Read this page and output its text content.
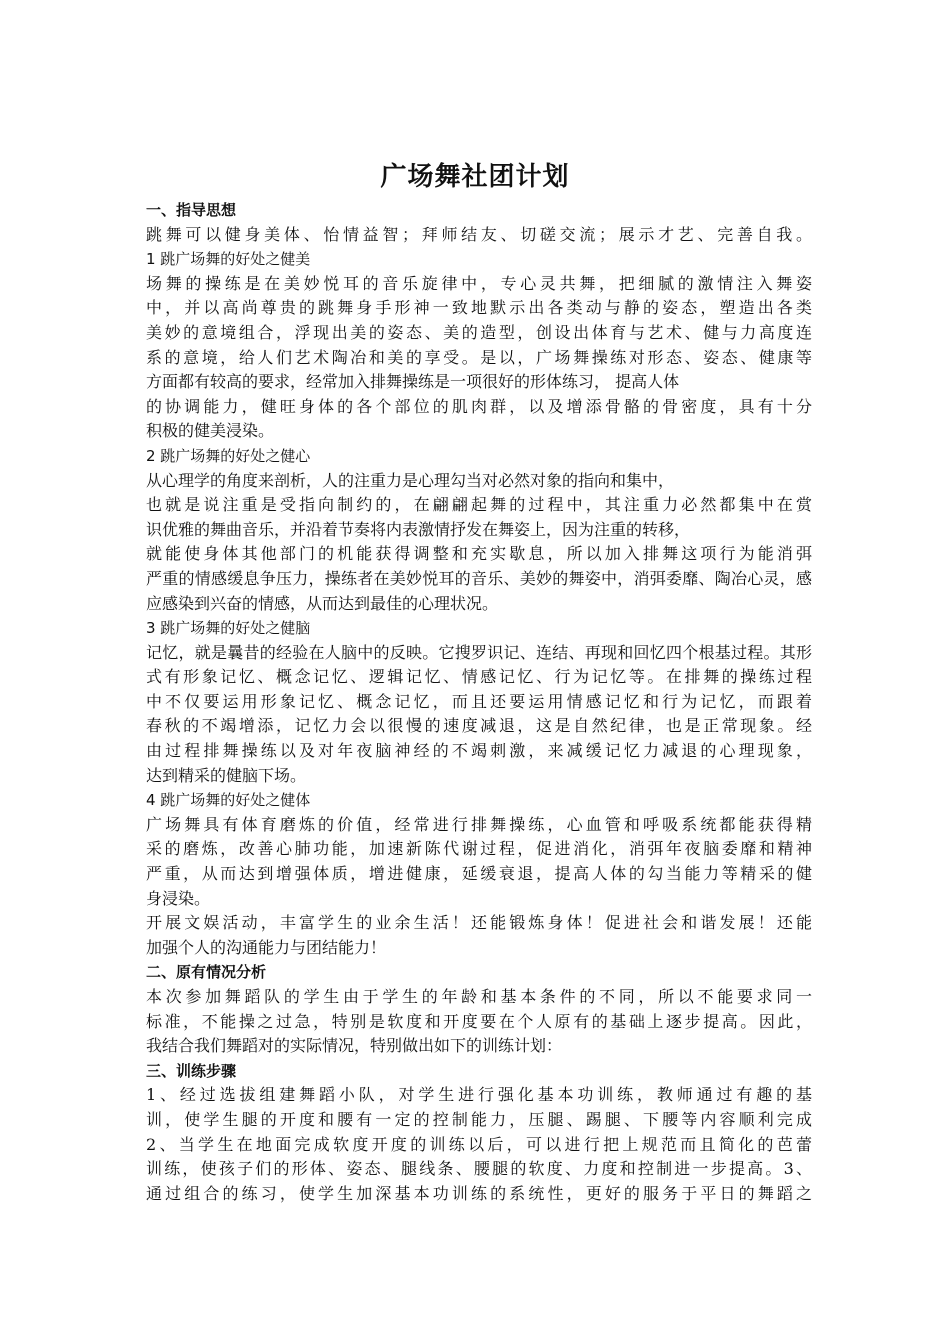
广场舞社团计划
一、指导思想
跳舞可以健身美体、怡情益智；拜师结友、切磋交流；展示才艺、完善自我。
1 跳广场舞的好处之健美
场舞的操练是在美妙悦耳的音乐旋律中，专心灵共舞，把细腻的激情注入舞姿
中，并以高尚尊贵的跳舞身手形神一致地默示出各类动与静的姿态，塑造出各类
美妙的意境组合，浮现出美的姿态、美的造型，创设出体育与艺术、健与力高度连
系的意境，给人们艺术陶冶和美的享受。是以，广场舞操练对形态、姿态、健康等
方面都有较高的要求，经常加入排舞操练是一项很好的形体练习， 提高人体
的协调能力，健旺身体的各个部位的肌肉群，以及增添骨骼的骨密度，具有十分
积极的健美浸染。
2 跳广场舞的好处之健心
从心理学的角度来剖析，人的注重力是心理勾当对必然对象的指向和集中，
也就是说注重是受指向制约的，在翩翩起舞的过程中，其注重力必然都集中在赏
识优雅的舞曲音乐，并沿着节奏将内表激情抒发在舞姿上，因为注重的转移，
就能使身体其他部门的机能获得调整和充实歇息，所以加入排舞这项行为能消弭
严重的情感缓息争压力，操练者在美妙悦耳的音乐、美妙的舞姿中，消弭委靡、陶冶心灵，感
应感染到兴奋的情感，从而达到最佳的心理状况。
3 跳广场舞的好处之健脑
记忆，就是曩昔的经验在人脑中的反映。它搜罗识记、连结、再现和回忆四个根基过程。其形
式有形象记忆、概念记忆、逻辑记忆、情感记忆、行为记忆等。在排舞的操练过程
中不仅要运用形象记忆、概念记忆，而且还要运用情感记忆和行为记忆，而跟着
春秋的不竭增添，记忆力会以很慢的速度减退，这是自然纪律，也是正常现象。经
由过程排舞操练以及对年夜脑神经的不竭刺激，来减缓记忆力减退的心理现象，
达到精采的健脑下场。
4 跳广场舞的好处之健体
广场舞具有体育磨炼的价值，经常进行排舞操练，心血管和呼吸系统都能获得精
采的磨炼，改善心肺功能，加速新陈代谢过程，促进消化，消弭年夜脑委靡和精神
严重，从而达到增强体质，增进健康，延缓衰退，提高人体的勾当能力等精采的健
身浸染。
开展文娱活动，丰富学生的业余生活！还能锻炼身体！促进社会和谐发展！还能
加强个人的沟通能力与团结能力！
二、原有情况分析
本次参加舞蹈队的学生由于学生的年龄和基本条件的不同，所以不能要求同一
标准，不能操之过急，特别是软度和开度要在个人原有的基础上逐步提高。因此，
我结合我们舞蹈对的实际情况，特别做出如下的训练计划：
三、训练步骤
1、经过选拔组建舞蹈小队，对学生进行强化基本功训练，教师通过有趣的基
训，使学生腿的开度和腰有一定的控制能力，压腿、踢腿、下腰等内容顺利完成
2、当学生在地面完成软度开度的训练以后，可以进行把上规范而且简化的芭蕾
训练，使孩子们的形体、姿态、腿线条、腰腿的软度、力度和控制进一步提高。3、
通过组合的练习，使学生加深基本功训练的系统性，更好的服务于平日的舞蹈之
